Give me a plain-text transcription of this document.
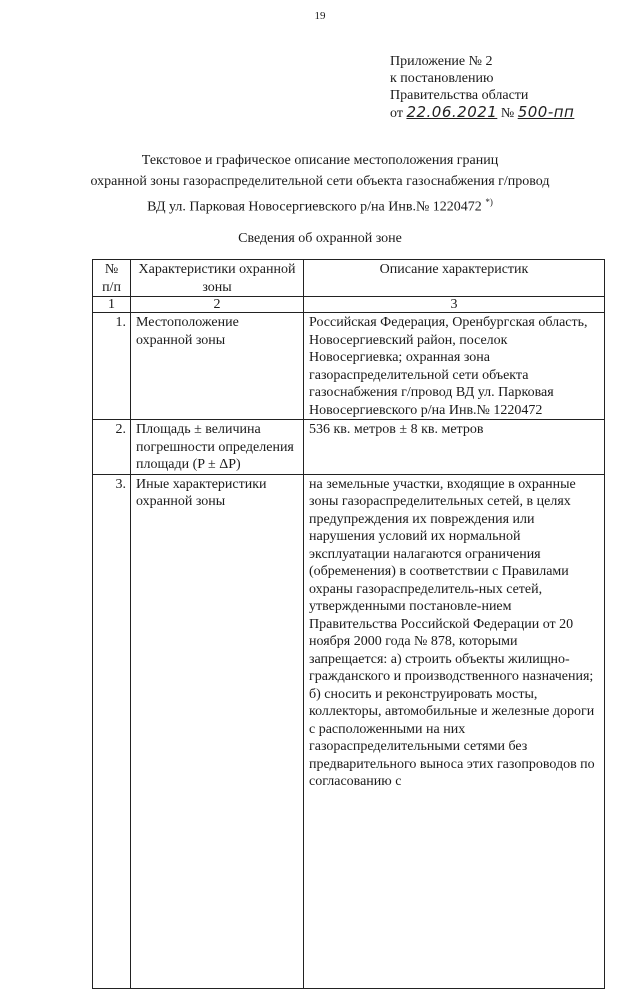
19
Приложение № 2
к постановлению
Правительства области
от 22.06.2021 № 500-пп
Текстовое и графическое описание местоположения границ
охранной зоны газораспределительной сети объекта газоснабжения г/провод
ВД ул. Парковая Новосергиевского р/на Инв.№ 1220472 *)
Сведения об охранной зоне
№ п/п	Характеристики охранной зоны	Описание характеристик
1	2	3
1.	Местоположение охранной зоны	Российская Федерация, Оренбургская область, Новосергиевский район, поселок Новосергиевка; охранная зона газораспределительной сети объекта газоснабжения г/провод ВД ул. Парковая Новосергиевского р/на Инв.№ 1220472
2.	Площадь ± величина погрешности определения площади (P ± ΔP)	536 кв. метров ± 8 кв. метров
3.	Иные характеристики охранной зоны	на земельные участки, входящие в охранные зоны газораспределительных сетей, в целях предупреждения их повреждения или нарушения условий их нормальной эксплуатации налагаются ограничения (обременения) в соответствии с Правилами охраны газораспределитель-ных сетей, утвержденными постановле-нием Правительства Российской Федерации от 20 ноября 2000 года № 878, которыми запрещается: а) строить объекты жилищно-гражданского и производственного назначения; б) сносить и реконструировать мосты, коллекторы, автомобильные и железные дороги с расположенными на них газораспределительными сетями без предварительного выноса этих газопроводов по согласованию с
